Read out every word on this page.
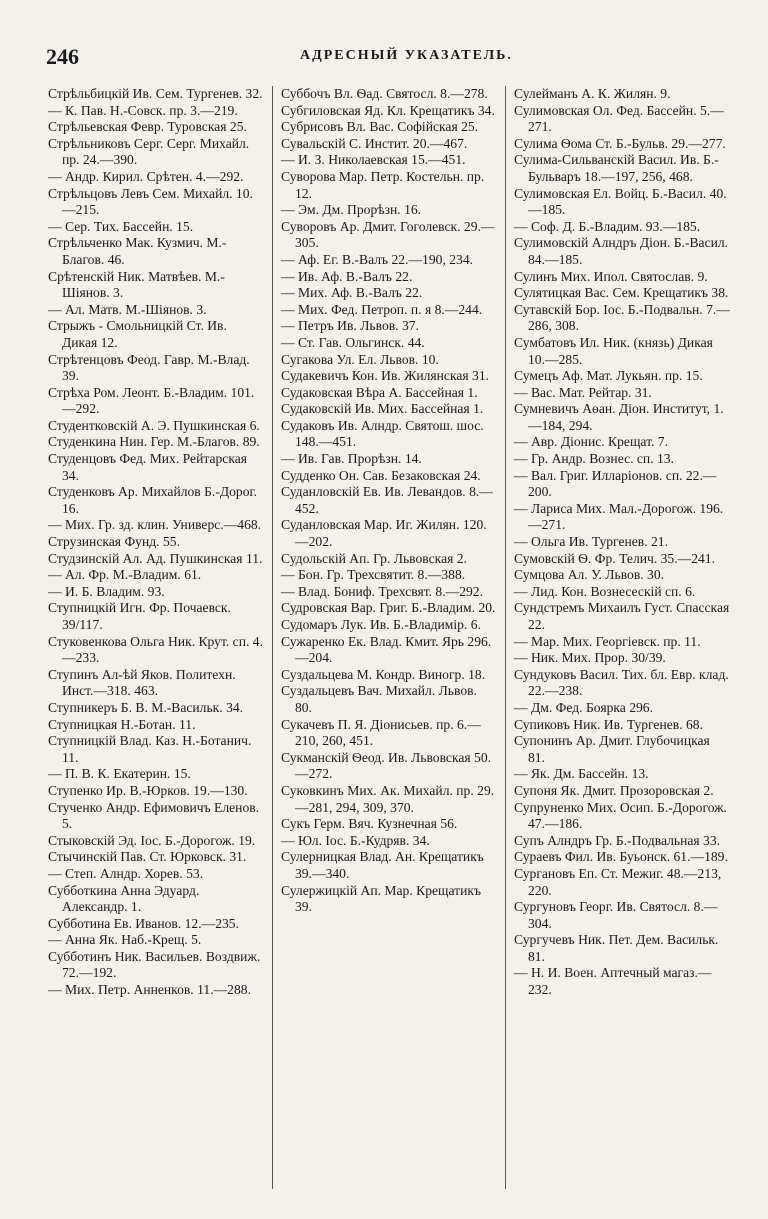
246	АДРЕСНЫЙ УКАЗАТЕЛЬ.

Стрѣльбицкій Ив. Сем. Тургенев. 32.

— К. Пав. Н.-Совск. пр. 3.—219.

Стрѣльевская Февр. Туровская 25.

Стрѣльниковъ Серг. Серг. Михайл. пр. 24.—390.

— Андр. Кирил. Срѣтен. 4.—292.

Стрѣльцовъ Левъ Сем. Михайл. 10.—215.

— Сер. Тих. Бассейн. 15.

Стрѣльченко Мак. Кузмич. М.-Благов. 46.

Срѣтенскій Ник. Матвѣев. М.-Шіянов. 3.

— Ал. Матв. М.-Шіянов. 3.

Стрыжъ - Смольницкій Ст. Ив. Дикая 12.

Стрѣтенцовъ Феод. Гавр. М.-Влад. 39.

Стрѣха Ром. Леонт. Б.-Владим. 101.—292.

Студентковскій А. Э. Пушкинская 6.

Студенкина Нин. Гер. М.-Благов. 89.

Студенцовъ Фед. Мих. Рейтарская 34.

Студенковъ Ар. Михайлов Б.-Дорог. 16.

— Мих. Гр. зд. клин. Универс.—468.

Струзинская Фунд. 55.

Студзинскій Ал. Ад. Пушкинская 11.

— Ал. Фр. М.-Владим. 61.

— И. Б. Владим. 93.

Ступницкій Игн. Фр. Почаевск. 39/117.

Стуковенкова Ольга Ник. Крут. сп. 4.—233.

Ступинъ Ал-ѣй Яков. Политехн. Инст.—318. 463.

Ступникеръ Б. В. М.-Васильк. 34.

Ступницкая Н.-Ботан. 11.

Ступницкій Влад. Каз. Н.-Ботанич. 11.

— П. В. К. Екатерин. 15.

Ступенко Ир. В.-Юрков. 19.—130.

Стученко Андр. Ефимовичъ Еленов. 5.

Стыковскій Эд. Іос. Б.-Дорогож. 19.

Стычинскій Пав. Ст. Юрковск. 31.

— Степ. Алндр. Хорев. 53.

Субботкина Анна Эдуард. Александр. 1.

Субботина Ев. Иванов. 12.—235.

— Анна Як. Наб.-Крещ. 5.

Субботинъ Ник. Васильев. Воздвиж. 72.—192.

— Мих. Петр. Анненков. 11.—288.

Суббочъ Вл. Ѳад. Святосл. 8.—278.

Субгиловская Яд. Кл. Крещатикъ 34.

Субрисовъ Вл. Вас. Софійская 25.

Сувальскій С. Инстит. 20.—467.

— И. З. Николаевская 15.—451.

Суворова Мар. Петр. Костельн. пр. 12.

— Эм. Дм. Прорѣзн. 16.

Суворовъ Ар. Дмит. Гоголевск. 29.—305.

— Аф. Ег. В.-Валъ 22.—190, 234.

— Ив. Аф. В.-Валъ 22.

— Мих. Аф. В.-Валъ 22.

— Мих. Фед. Петроп. п. я 8.—244.

— Петръ Ив. Львов. 37.

— Ст. Гав. Ольгинск. 44.

Сугакова Ул. Ел. Львов. 10.

Судакевичъ Кон. Ив. Жилянская 31.

Судаковская Вѣра А. Бассейная 1.

Судаковскій Ив. Мих. Бассейная 1.

Судаковъ Ив. Алндр. Святош. шос. 148.—451.

— Ив. Гав. Прорѣзн. 14.

Судденко Он. Сав. Безаковская 24.

Суданловскій Ев. Ив. Левандов. 8.—452.

Суданловская Мар. Иг. Жилян. 120.—202.

Судольскій Ап. Гр. Львовская 2.

— Бон. Гр. Трехсвятит. 8.—388.

— Влад. Бониф. Трехсвят. 8.—292.

Судровская Вар. Григ. Б.-Владим. 20.

Судомаръ Лук. Ив. Б.-Владимір. 6.

Сужаренко Ек. Влад. Кмит. Ярь 296.—204.

Суздальцева М. Кондр. Виногр. 18.

Суздальцевъ Вач. Михайл. Львов. 80.

Сукачевъ П. Я. Діонисьев. пр. 6.—210, 260, 451.

Сукманскій Ѳеод. Ив. Львовская 50.—272.

Суковкинъ Мих. Ак. Михайл. пр. 29.—281, 294, 309, 370.

Сукъ Герм. Вяч. Кузнечная 56.

— Юл. Іос. Б.-Кудряв. 34.

Сулерницкая Влад. Ан. Крещатикъ 39.—340.

Сулержицкій Ап. Мар. Крещатикъ 39.

Сулейманъ А. К. Жилян. 9.

Сулимовская Ол. Фед. Бассейн. 5.—271.

Сулима Ѳома Ст. Б.-Бульв. 29.—277.

Сулима-Сильванскій Васил. Ив. Б.-Бульваръ 18.—197, 256, 468.

Сулимовская Ел. Войц. Б.-Васил. 40.—185.

— Соф. Д. Б.-Владим. 93.—185.

Сулимовскій Алндръ Діон. Б.-Васил. 84.—185.

Сулинъ Мих. Ипол. Святослав. 9.

Сулятицкая Вас. Сем. Крещатикъ 38.

Сутавскій Бор. Іос. Б.-Подвальн. 7.—286, 308.

Сумбатовъ Ил. Ник. (князь) Дикая 10.—285.

Сумецъ Аф. Мат. Лукьян. пр. 15.

— Вас. Мат. Рейтар. 31.

Сумневичъ Аѳан. Діон. Институт, 1.—184, 294.

— Авр. Діонис. Крещат. 7.

— Гр. Андр. Вознес. сп. 13.

— Вал. Григ. Илларіонов. сп. 22.—200.

— Лариса Мих. Мал.-Дорогож. 196.—271.

— Ольга Ив. Тургенев. 21.

Сумовскій Ѳ. Фр. Телич. 35.—241.

Сумцова Ал. У. Львов. 30.

— Лид. Кон. Вознесескій сп. 6.

Сундстремъ Михаилъ Густ. Спасская 22.

— Мар. Мих. Георгіевск. пр. 11.

— Ник. Мих. Прор. 30/39.

Сундуковъ Васил. Тих. бл. Евр. клад. 22.—238.

— Дм. Фед. Боярка 296.

Супиковъ Ник. Ив. Тургенев. 68.

Супонинъ Ар. Дмит. Глубочицкая 81.

— Як. Дм. Бассейн. 13.

Супоня Як. Дмит. Прозоровская 2.

Супруненко Мих. Осип. Б.-Дорогож. 47.—186.

Супъ Алндръ Гр. Б.-Подвальная 33.

Сураевъ Фил. Ив. Буьонск. 61.—189.

Сургановъ Еп. Ст. Межиг. 48.—213, 220.

Сургуновъ Георг. Ив. Святосл. 8.—304.

Сургучевъ Ник. Пет. Дем. Васильк. 81.

— Н. И. Воен. Аптечный магаз.—232.
